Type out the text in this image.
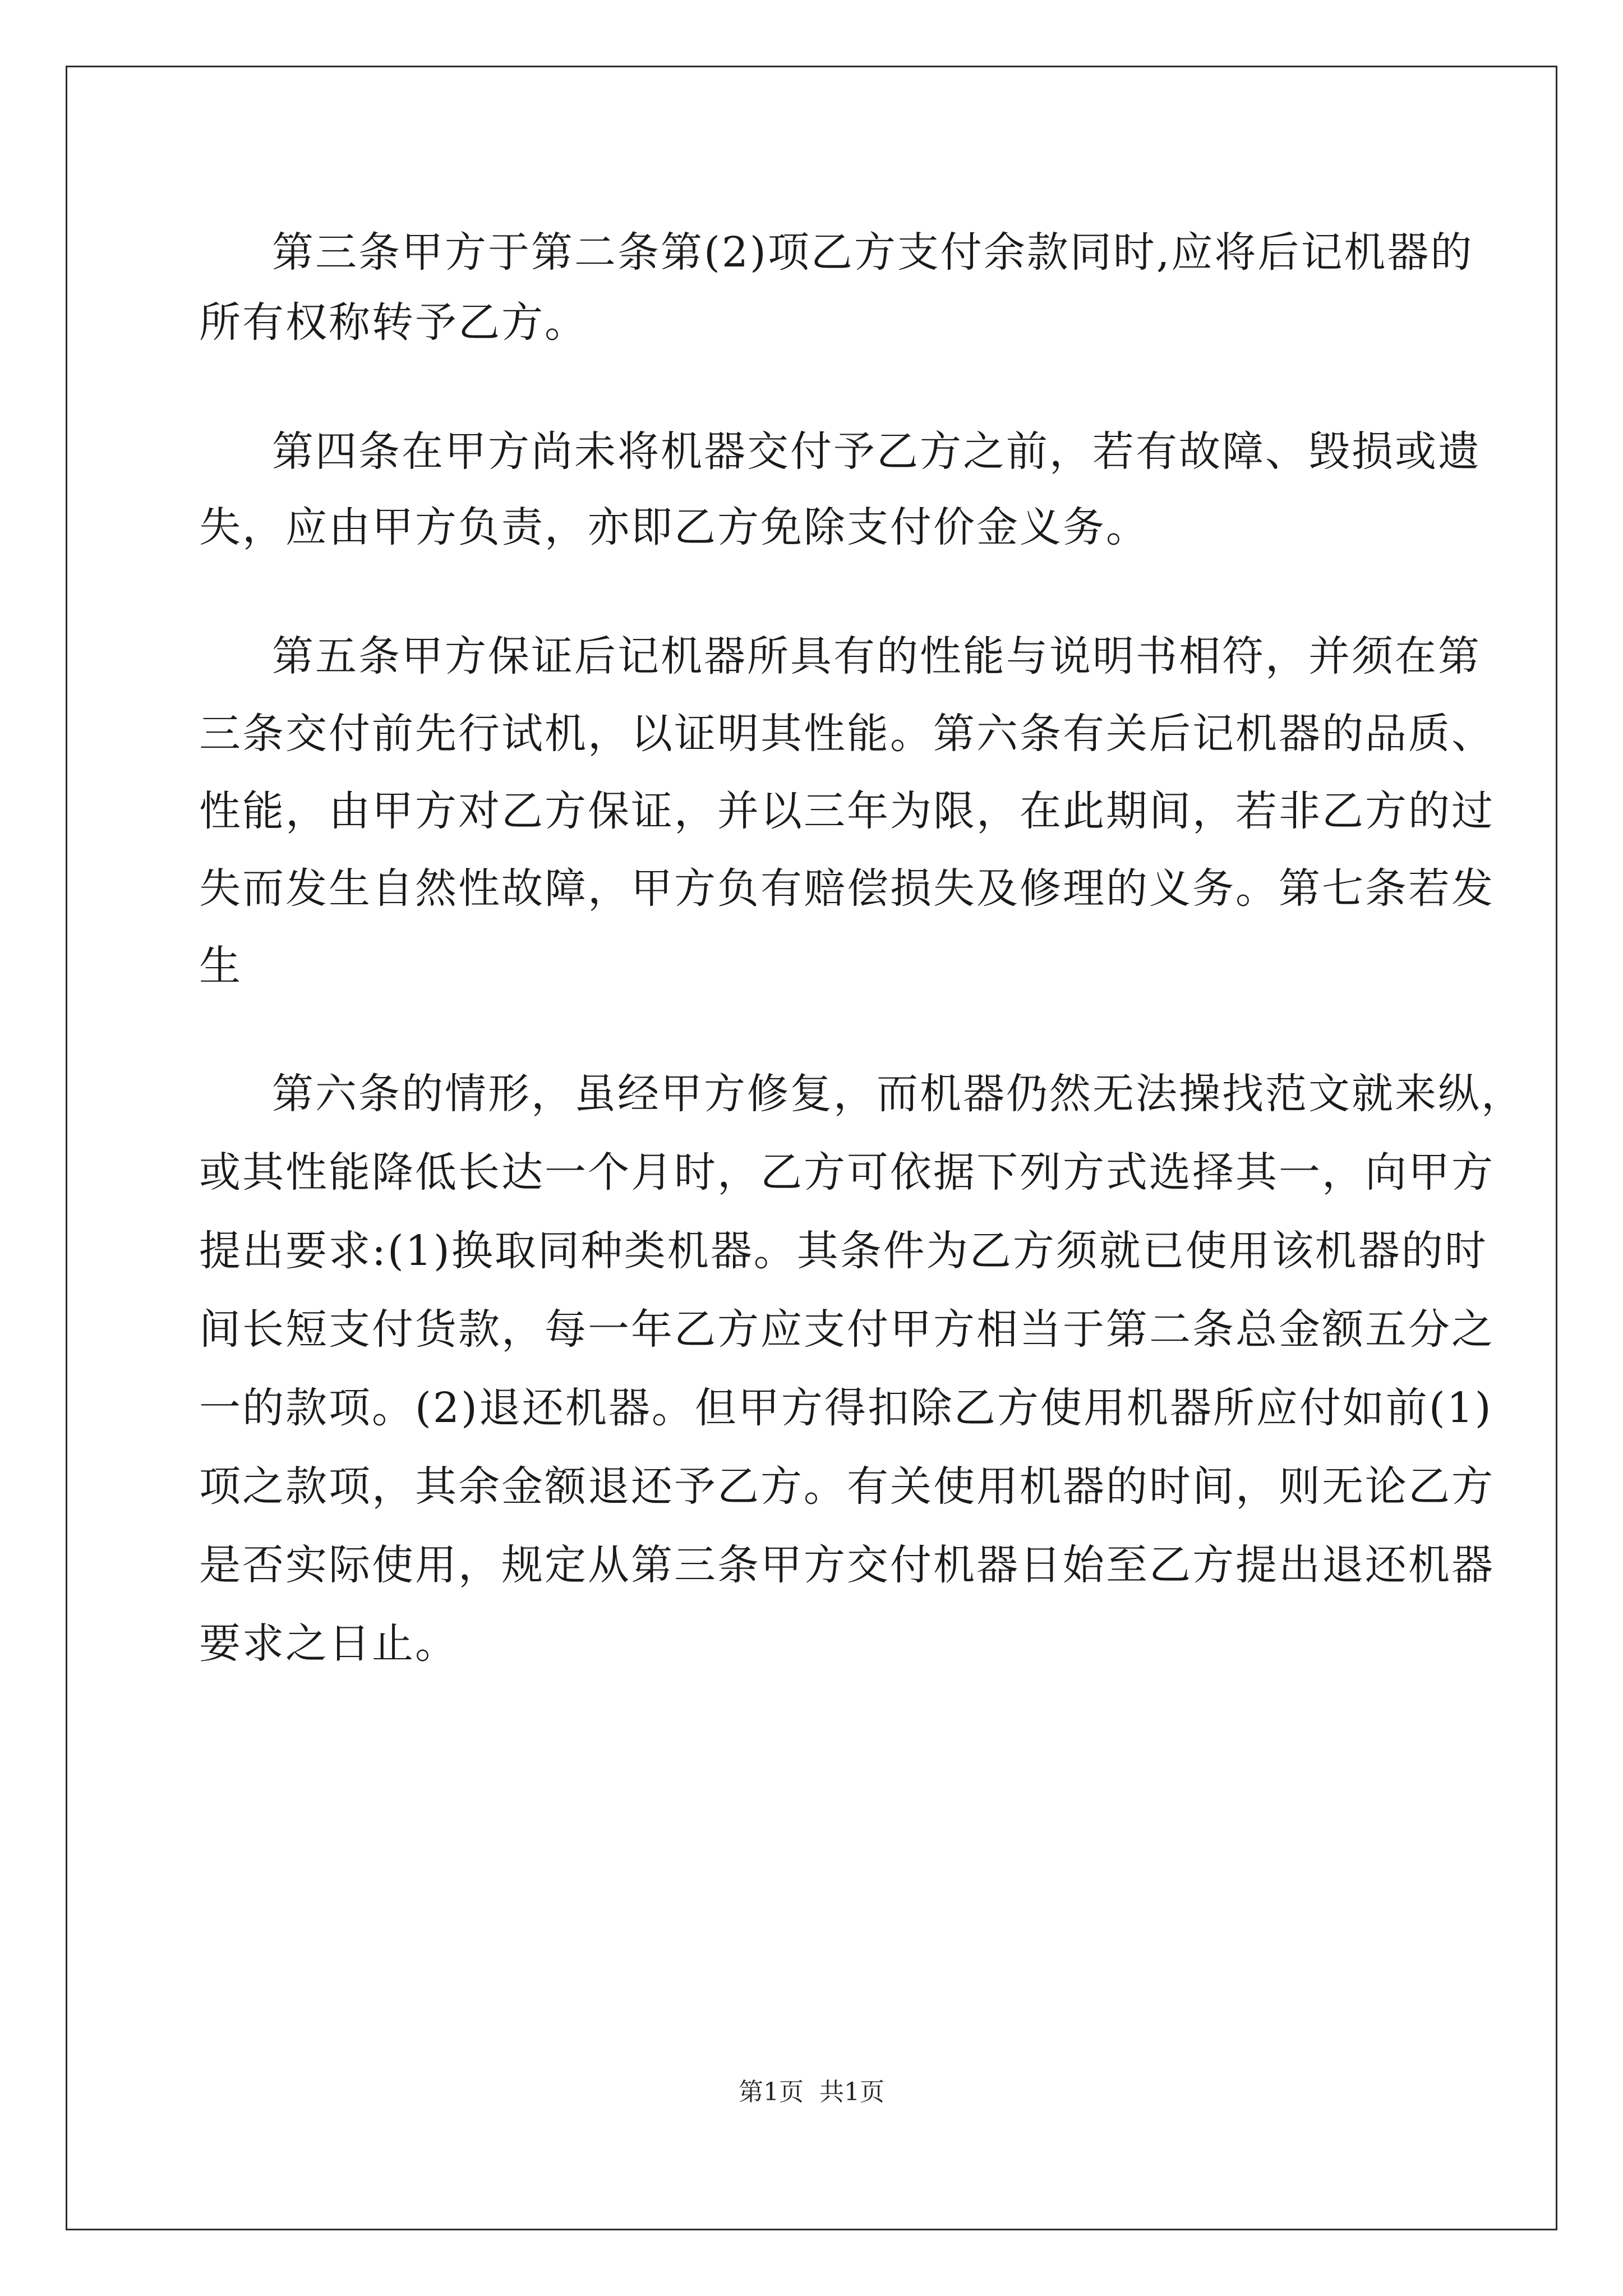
第三条甲方于第二条第(2)项乙方支付余款同时,应将后记机器的
所有权称转予乙方。
第四条在甲方尚未将机器交付予乙方之前，若有故障、毁损或遗
失，应由甲方负责，亦即乙方免除支付价金义务。
第五条甲方保证后记机器所具有的性能与说明书相符，并须在第
三条交付前先行试机，以证明其性能。第六条有关后记机器的品质、
性能，由甲方对乙方保证，并以三年为限，在此期间，若非乙方的过
失而发生自然性故障，甲方负有赔偿损失及修理的义务。第七条若发
生
第六条的情形，虽经甲方修复，而机器仍然无法操找范文就来纵，
或其性能降低长达一个月时，乙方可依据下列方式选择其一，向甲方
提出要求:(1)换取同种类机器。其条件为乙方须就已使用该机器的时
间长短支付货款，每一年乙方应支付甲方相当于第二条总金额五分之
一的款项。(2)退还机器。但甲方得扣除乙方使用机器所应付如前(1)
项之款项，其余金额退还予乙方。有关使用机器的时间，则无论乙方
是否实际使用，规定从第三条甲方交付机器日始至乙方提出退还机器
要求之日止。
第1页 共1页
